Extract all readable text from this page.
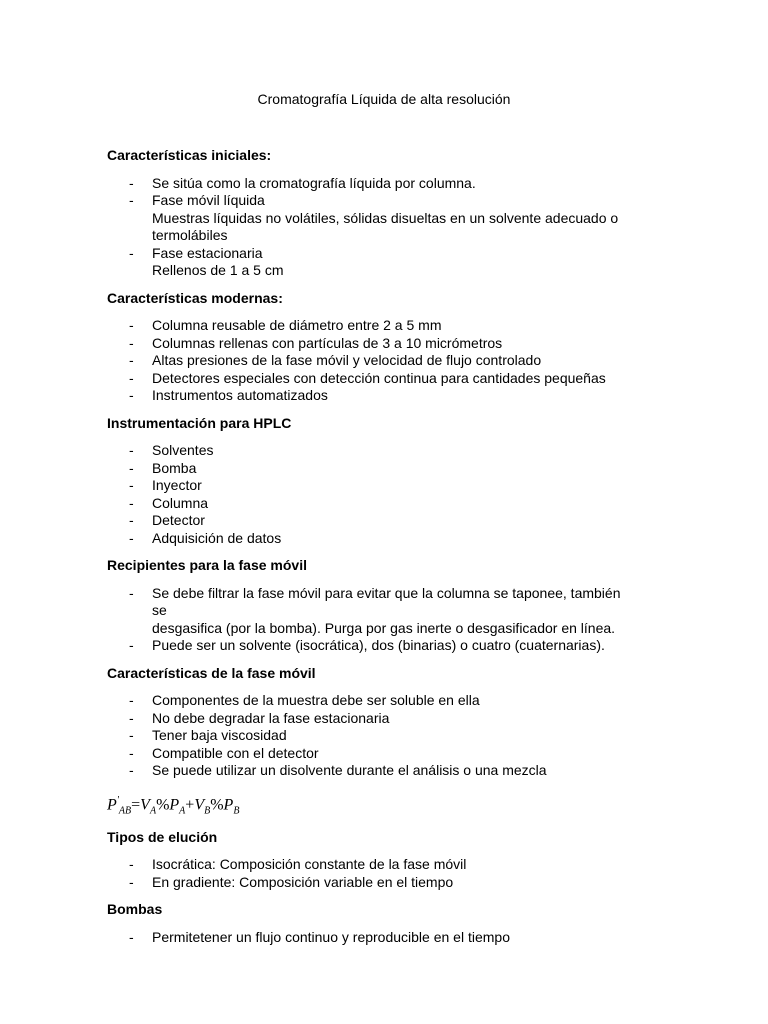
Cromatografía Líquida de alta resolución

Características iniciales:

- Se sitúa como la cromatografía líquida por columna.
- Fase móvil líquida
Muestras líquidas no volátiles, sólidas disueltas en un solvente adecuado o
termolábiles
- Fase estacionaria
Rellenos de 1 a 5 cm

Características modernas:

- Columna reusable de diámetro entre 2 a 5 mm
- Columnas rellenas con partículas de 3 a 10 micrómetros
- Altas presiones de la fase móvil y velocidad de flujo controlado
- Detectores especiales con detección continua para cantidades pequeñas
- Instrumentos automatizados

Instrumentación para HPLC

- Solventes
- Bomba
- Inyector
- Columna
- Detector
- Adquisición de datos

Recipientes para la fase móvil

- Se debe filtrar la fase móvil para evitar que la columna se taponee, también se
desgasifica (por la bomba). Purga por gas inerte o desgasificador en línea.
- Puede ser un solvente (isocrática), dos (binarias) o cuatro (cuaternarias).

Características de la fase móvil

- Componentes de la muestra debe ser soluble en ella
- No debe degradar la fase estacionaria
- Tener baja viscosidad
- Compatible con el detector
- Se puede utilizar un disolvente durante el análisis o una mezcla
$P'_{AB}=V_A\%P_A+V_B\%P_B$

Tipos de elución

- Isocrática: Composición constante de la fase móvil
- En gradiente: Composición variable en el tiempo

Bombas

- Permitetener un flujo continuo y reproducible en el tiempo
